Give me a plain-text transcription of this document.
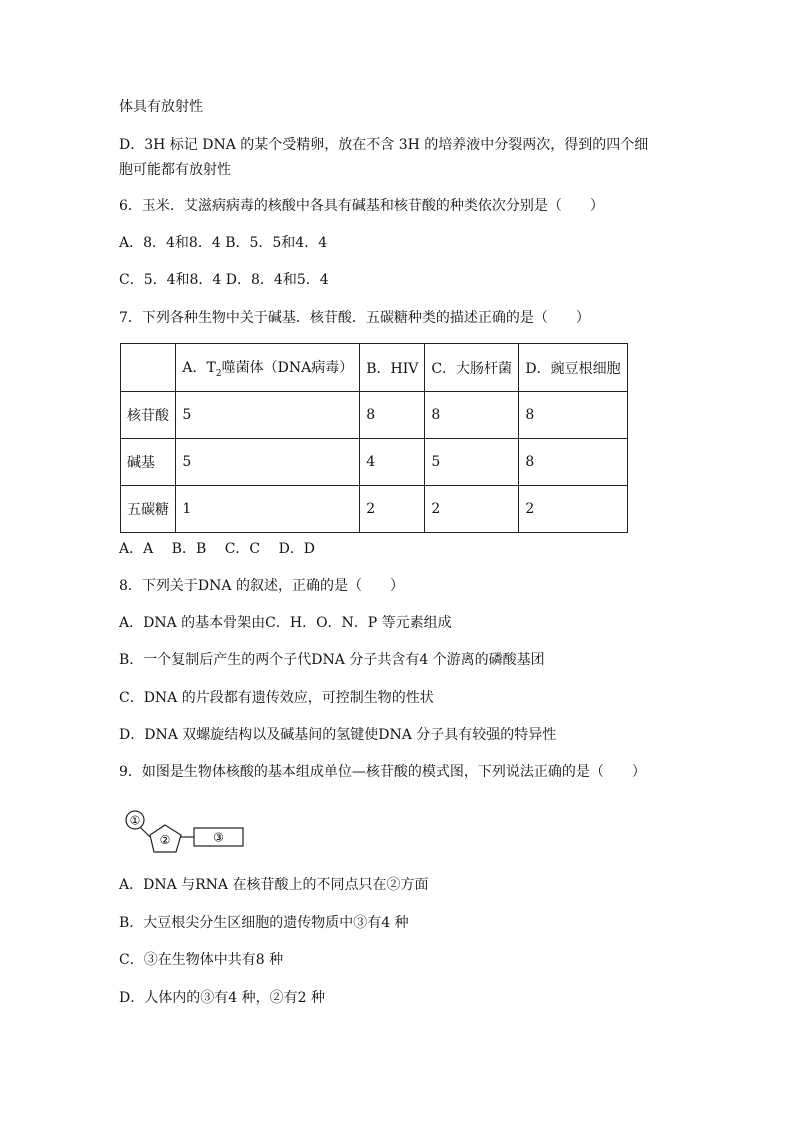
体具有放射性
D．3H 标记 DNA 的某个受精卵，放在不含 3H 的培养液中分裂两次，得到的四个细
胞可能都有放射性
6．玉米．艾滋病病毒的核酸中各具有碱基和核苷酸的种类依次分别是（　　）
A．8．4和8．4 B．5．5和4．4
C．5．4和8．4 D．8．4和5．4
7．下列各种生物中关于碱基．核苷酸．五碳糖种类的描述正确的是（　　）
	A．$T_2$噬菌体（DNA病毒）	B．HIV	C．大肠杆菌	D．豌豆根细胞
核苷酸	5	8	8	8
碱基	5	4	5	8
五碳糖	1	2	2	2
A．A　 B．B　 C．C　 D．D
8．下列关于DNA 的叙述，正确的是（　　）
A．DNA 的基本骨架由C．H．O．N．P 等元素组成
B．一个复制后产生的两个子代DNA 分子共含有4 个游离的磷酸基团
C．DNA 的片段都有遗传效应，可控制生物的性状
D．DNA 双螺旋结构以及碱基间的氢键使DNA 分子具有较强的特异性
9．如图是生物体核酸的基本组成单位—核苷酸的模式图，下列说法正确的是（　　）
①
②	③
A．DNA 与RNA 在核苷酸上的不同点只在②方面
B．大豆根尖分生区细胞的遗传物质中③有4 种
C．③在生物体中共有8 种
D．人体内的③有4 种，②有2 种
